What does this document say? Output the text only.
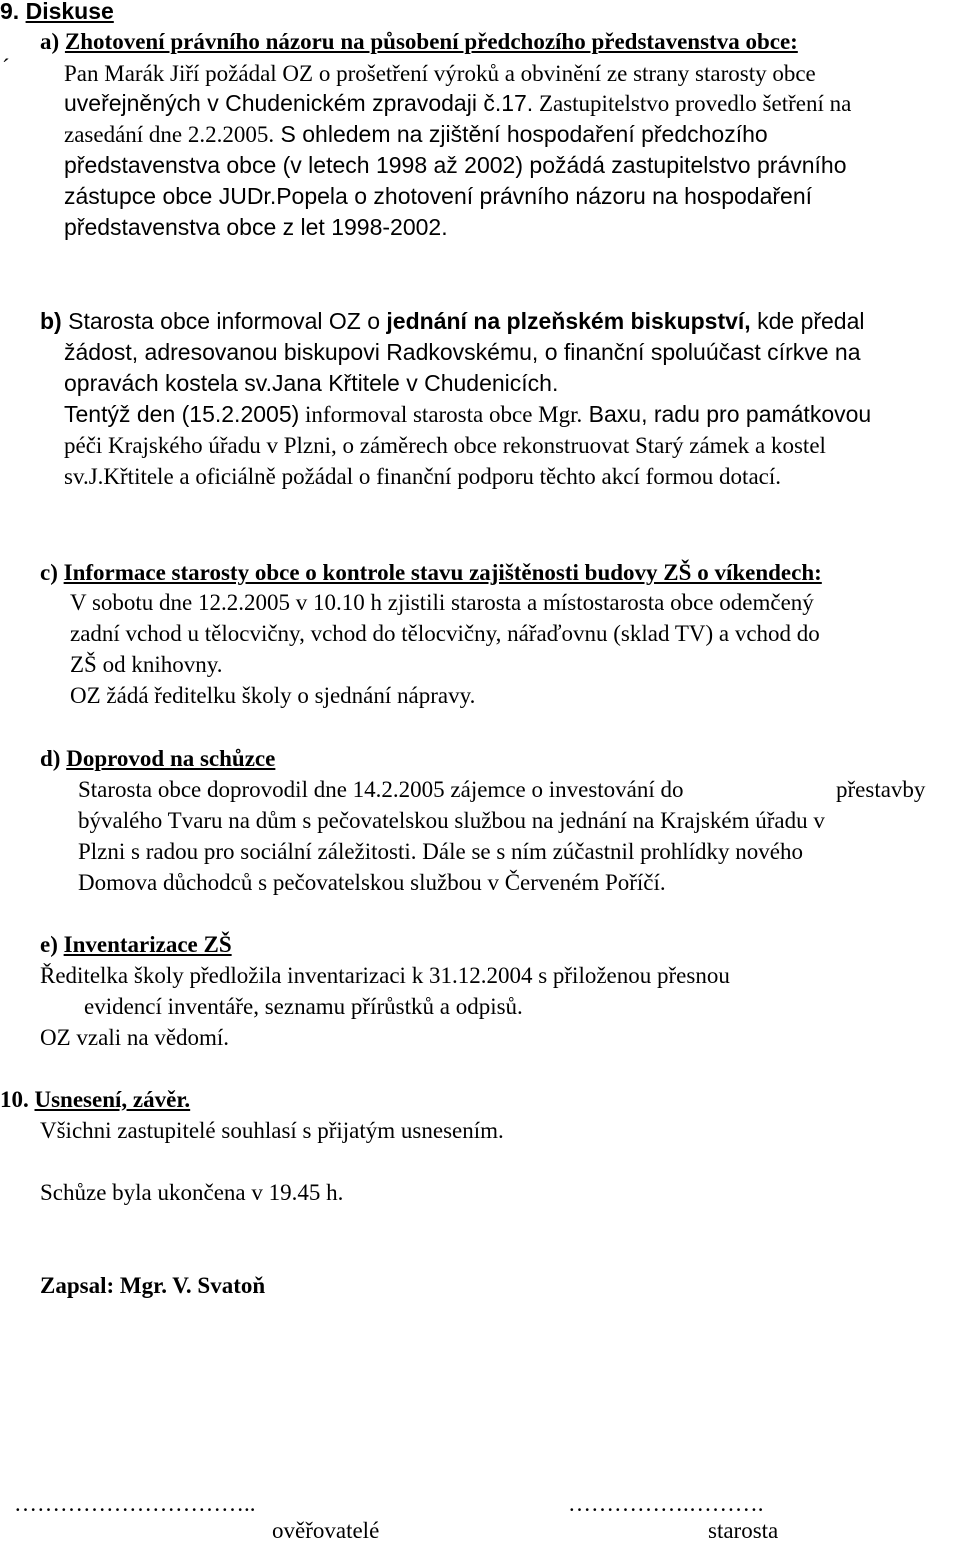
9. Diskuse
a) Zhotovení právního názoru na působení předchozího představenstva obce:
´ Pan Marák Jiří požádal OZ o prošetření výroků a obvinění ze strany starosty obce
uveřejněných v Chudenickém zpravodaji č.17. Zastupitelstvo provedlo šetření na
zasedání dne 2.2.2005. S ohledem na zjištění hospodaření předchozího
představenstva obce (v letech 1998 až 2002) požádá zastupitelstvo právního
zástupce obce JUDr.Popela o zhotovení právního názoru na hospodaření
představenstva obce z let 1998-2002.
b) Starosta obce informoval OZ o jednání na plzeňském biskupství, kde předal
žádost, adresovanou biskupovi Radkovskému, o finanční spoluúčast církve na
opravách kostela sv.Jana Křtitele v Chudenicích.
Tentýž den (15.2.2005) informoval starosta obce Mgr. Baxu, radu pro památkovou
péči Krajského úřadu v Plzni, o záměrech obce rekonstruovat Starý zámek a kostel
sv.J.Křtitele a oficiálně požádal o finanční podporu těchto akcí formou dotací.
c) Informace starosty obce o kontrole stavu zajištěnosti budovy ZŠ o víkendech:
V sobotu dne 12.2.2005 v 10.10 h zjistili starosta a místostarosta obce odemčený
zadní vchod u tělocvičny, vchod do tělocvičny, nářaďovnu (sklad TV) a vchod do
ZŠ od knihovny.
OZ žádá ředitelku školy o sjednání nápravy.
d) Doprovod na schůzce
Starosta obce doprovodil dne 14.2.2005 zájemce o investování do	přestavby
bývalého Tvaru na dům s pečovatelskou službou na jednání na Krajském úřadu v
Plzni s radou pro sociální záležitosti. Dále se s ním zúčastnil prohlídky nového
Domova důchodců s pečovatelskou službou v Červeném Poříčí.
e) Inventarizace ZŠ
Ředitelka školy předložila inventarizaci k 31.12.2004 s přiloženou přesnou
evidencí inventáře, seznamu přírůstků a odpisů.
OZ vzali na vědomí.
10. Usnesení, závěr.
Všichni zastupitelé souhlasí s přijatým usnesením.
Schůze byla ukončena v 19.45 h.
Zapsal: Mgr. V. Svatoň
…………………………..	…………….……….
ověřovatelé	starosta
